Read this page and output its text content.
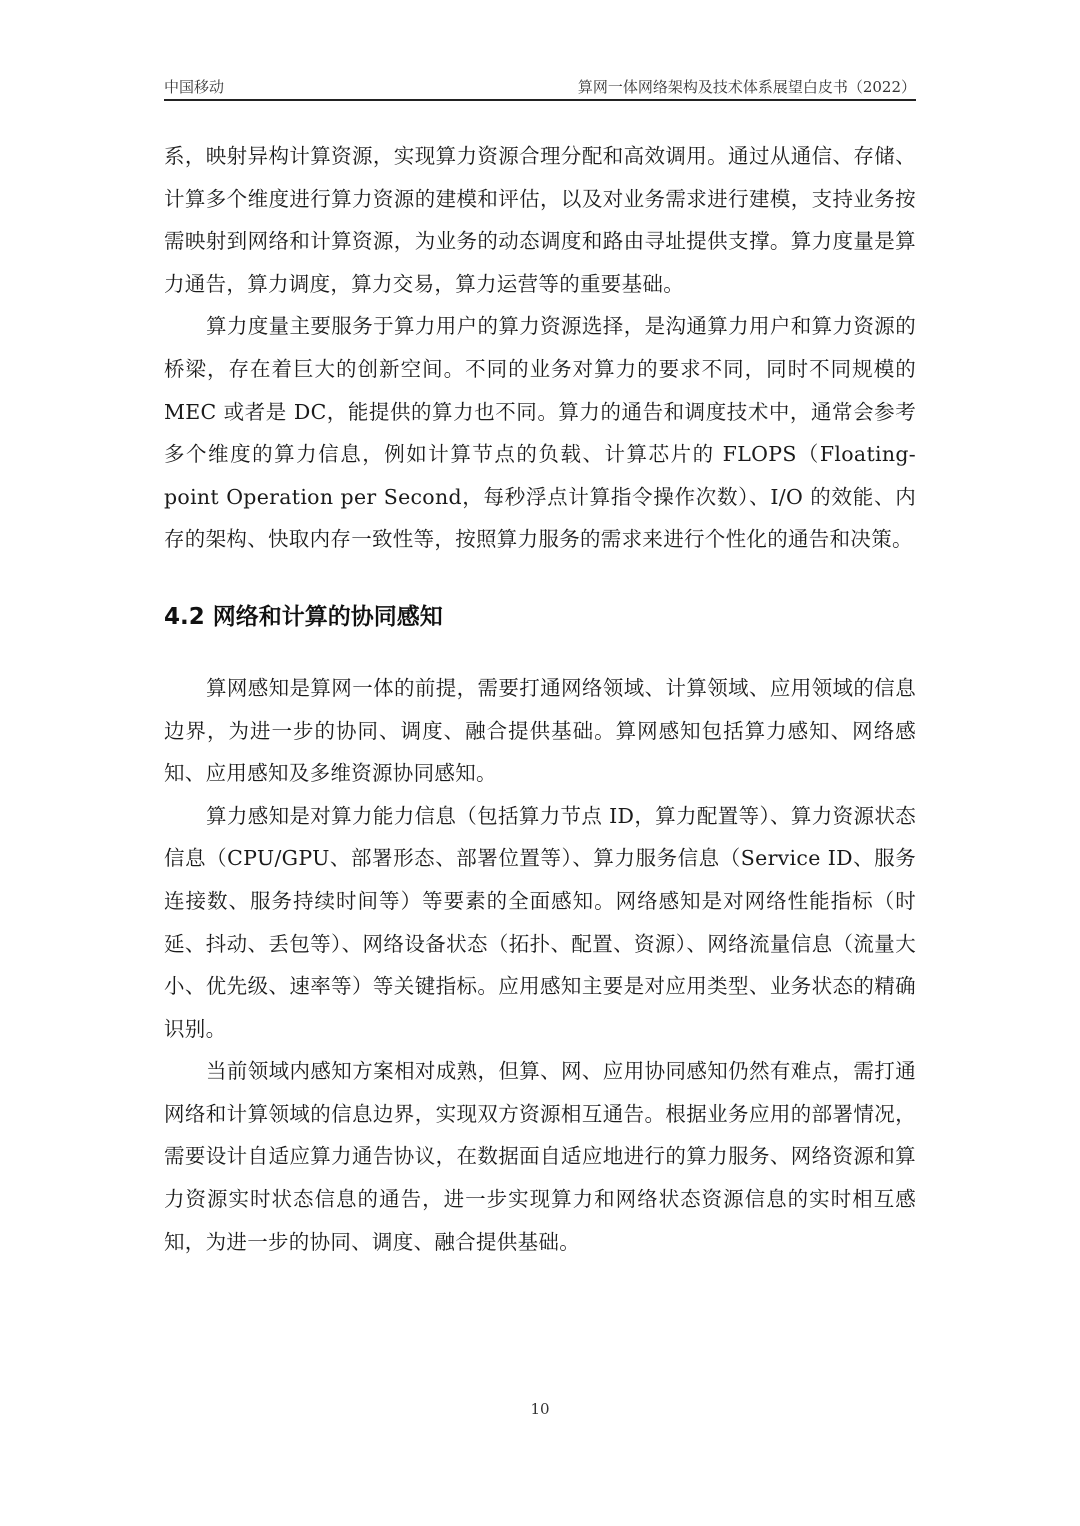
中国移动	算网一体网络架构及技术体系展望白皮书（2022）

系，映射异构计算资源，实现算力资源合理分配和高效调用。通过从通信、存储、计算多个维度进行算力资源的建模和评估，以及对业务需求进行建模，支持业务按需映射到网络和计算资源，为业务的动态调度和路由寻址提供支撑。算力度量是算力通告，算力调度，算力交易，算力运营等的重要基础。

算力度量主要服务于算力用户的算力资源选择，是沟通算力用户和算力资源的桥梁，存在着巨大的创新空间。不同的业务对算力的要求不同，同时不同规模的 MEC 或者是 DC，能提供的算力也不同。算力的通告和调度技术中，通常会参考多个维度的算力信息，例如计算节点的负载、计算芯片的 FLOPS（Floating-point Operation per Second，每秒浮点计算指令操作次数）、I/O 的效能、内存的架构、快取内存一致性等，按照算力服务的需求来进行个性化的通告和决策。

4.2 网络和计算的协同感知

算网感知是算网一体的前提，需要打通网络领域、计算领域、应用领域的信息边界，为进一步的协同、调度、融合提供基础。算网感知包括算力感知、网络感知、应用感知及多维资源协同感知。

算力感知是对算力能力信息（包括算力节点 ID，算力配置等）、算力资源状态信息（CPU/GPU、部署形态、部署位置等）、算力服务信息（Service ID、服务连接数、服务持续时间等）等要素的全面感知。网络感知是对网络性能指标（时延、抖动、丢包等）、网络设备状态（拓扑、配置、资源）、网络流量信息（流量大小、优先级、速率等）等关键指标。应用感知主要是对应用类型、业务状态的精确识别。

当前领域内感知方案相对成熟，但算、网、应用协同感知仍然有难点，需打通网络和计算领域的信息边界，实现双方资源相互通告。根据业务应用的部署情况，需要设计自适应算力通告协议，在数据面自适应地进行的算力服务、网络资源和算力资源实时状态信息的通告，进一步实现算力和网络状态资源信息的实时相互感知，为进一步的协同、调度、融合提供基础。

10
